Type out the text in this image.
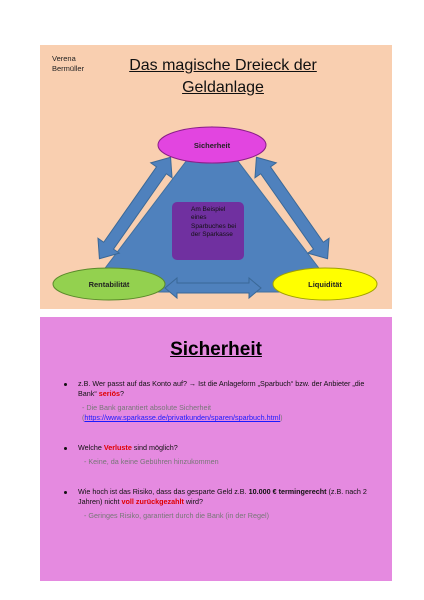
Verena Bermüller	Das magische Dreieck der Geldanlage
Sicherheit
Rentabilität	Liquidität
Am Beispiel eines Sparbuches bei der Sparkasse
Sicherheit
z.B. Wer passt auf das Konto auf? → Ist die Anlageform „Sparbuch“ bzw. der Anbieter „die Bank“ seriös?
- Die Bank garantiert absolute Sicherheit
(https://www.sparkasse.de/privatkunden/sparen/sparbuch.html)
Welche Verluste sind möglich?
- Keine, da keine Gebühren hinzukommen
Wie hoch ist das Risiko, dass das gesparte Geld z.B. 10.000 € termingerecht (z.B. nach 2 Jahren) nicht voll zurückgezahlt wird?
- Geringes Risiko, garantiert durch die Bank (in der Regel)
